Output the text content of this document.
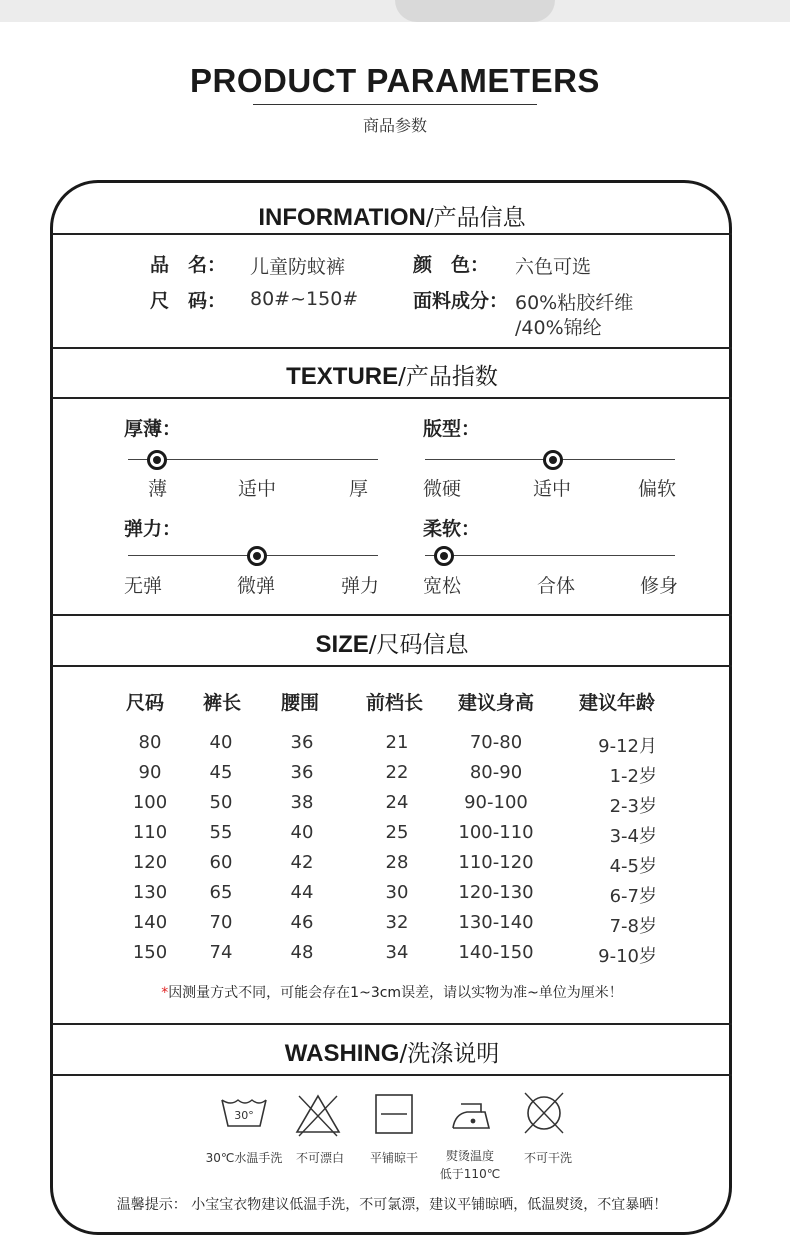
PRODUCT PARAMETERS
商品参数
INFORMATION/产品信息
品　名： 儿童防蚊裤	颜　色： 六色可选
尺　码： 80#~150#	面料成分： 60%粘胶纤维
/40%锦纶
TEXTURE/产品指数
厚薄：
薄	适中	厚
版型：
微硬	适中	偏软
弹力：
无弹	微弹	弹力
柔软：
宽松	合体	修身
SIZE/尺码信息
尺码 裤长 腰围 前档长 建议身高 建议年龄
80	40	36	21	70-80	9-12月
90	45	36	22	80-90	1-2岁
100	50	38	24	90-100	2-3岁
110	55	40	25	100-110	3-4岁
120	60	42	28	110-120	4-5岁
130	65	44	30	120-130	6-7岁
140	70	46	32	130-140	7-8岁
150	74	48	34	140-150	9-10岁
*因测量方式不同，可能会存在1~3cm误差，请以实物为准~单位为厘米！
WASHING/洗涤说明
30°
30℃水温手洗	不可漂白	平铺晾干	熨烫温度
低于110℃
不可干洗
温馨提示： 小宝宝衣物建议低温手洗，不可氯漂，建议平铺晾晒，低温熨烫，不宜暴晒！
